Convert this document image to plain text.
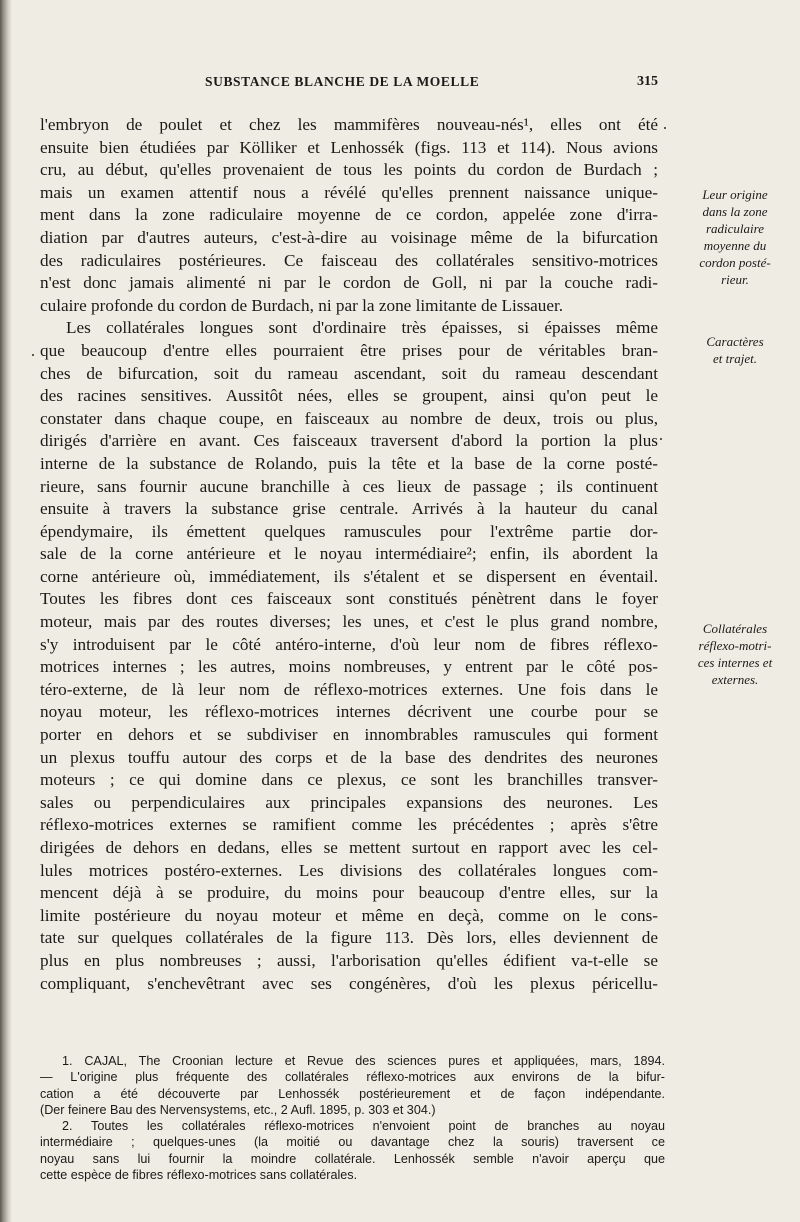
SUBSTANCE BLANCHE DE LA MOELLE	315
l'embryon de poulet et chez les mammifères nouveau-nés¹, elles ont été
ensuite bien étudiées par Kölliker et Lenhossék (figs. 113 et 114). Nous avions
cru, au début, qu'elles provenaient de tous les points du cordon de Burdach ;
mais un examen attentif nous a révélé qu'elles prennent naissance unique-
ment dans la zone radiculaire moyenne de ce cordon, appelée zone d'irra-
diation par d'autres auteurs, c'est-à-dire au voisinage même de la bifurcation
des radiculaires postérieures. Ce faisceau des collatérales sensitivo-motrices
n'est donc jamais alimenté ni par le cordon de Goll, ni par la couche radi-
culaire profonde du cordon de Burdach, ni par la zone limitante de Lissauer.
Les collatérales longues sont d'ordinaire très épaisses, si épaisses même
que beaucoup d'entre elles pourraient être prises pour de véritables bran-
ches de bifurcation, soit du rameau ascendant, soit du rameau descendant
des racines sensitives. Aussitôt nées, elles se groupent, ainsi qu'on peut le
constater dans chaque coupe, en faisceaux au nombre de deux, trois ou plus,
dirigés d'arrière en avant. Ces faisceaux traversent d'abord la portion la plus
interne de la substance de Rolando, puis la tête et la base de la corne posté-
rieure, sans fournir aucune branchille à ces lieux de passage ; ils continuent
ensuite à travers la substance grise centrale. Arrivés à la hauteur du canal
épendymaire, ils émettent quelques ramuscules pour l'extrême partie dor-
sale de la corne antérieure et le noyau intermédiaire²; enfin, ils abordent la
corne antérieure où, immédiatement, ils s'étalent et se dispersent en éventail.
Toutes les fibres dont ces faisceaux sont constitués pénètrent dans le foyer
moteur, mais par des routes diverses; les unes, et c'est le plus grand nombre,
s'y introduisent par le côté antéro-interne, d'où leur nom de fibres réflexo-
motrices internes ; les autres, moins nombreuses, y entrent par le côté pos-
téro-externe, de là leur nom de réflexo-motrices externes. Une fois dans le
noyau moteur, les réflexo-motrices internes décrivent une courbe pour se
porter en dehors et se subdiviser en innombrables ramuscules qui forment
un plexus touffu autour des corps et de la base des dendrites des neurones
moteurs ; ce qui domine dans ce plexus, ce sont les branchilles transver-
sales ou perpendiculaires aux principales expansions des neurones. Les
réflexo-motrices externes se ramifient comme les précédentes ; après s'être
dirigées de dehors en dedans, elles se mettent surtout en rapport avec les cel-
lules motrices postéro-externes. Les divisions des collatérales longues com-
mencent déjà à se produire, du moins pour beaucoup d'entre elles, sur la
limite postérieure du noyau moteur et même en deçà, comme on le cons-
tate sur quelques collatérales de la figure 113. Dès lors, elles deviennent de
plus en plus nombreuses ; aussi, l'arborisation qu'elles édifient va-t-elle se
compliquant, s'enchevêtrant avec ses congénères, d'où les plexus péricellu-
Leur origine
dans la zone
radiculaire
moyenne du
cordon posté-
rieur.
Caractères
et trajet.
Collatérales
réflexo-motri-
ces internes et
externes.
1. CAJAL, The Croonian lecture et Revue des sciences pures et appliquées, mars, 1894.
— L'origine plus fréquente des collatérales réflexo-motrices aux environs de la bifur-
cation a été découverte par Lenhossék postérieurement et de façon indépendante.
(Der feinere Bau des Nervensystems, etc., 2 Aufl. 1895, p. 303 et 304.)
2. Toutes les collatérales réflexo-motrices n'envoient point de branches au noyau
intermédiaire ; quelques-unes (la moitié ou davantage chez la souris) traversent ce
noyau sans lui fournir la moindre collatérale. Lenhossék semble n'avoir aperçu que
cette espèce de fibres réflexo-motrices sans collatérales.
